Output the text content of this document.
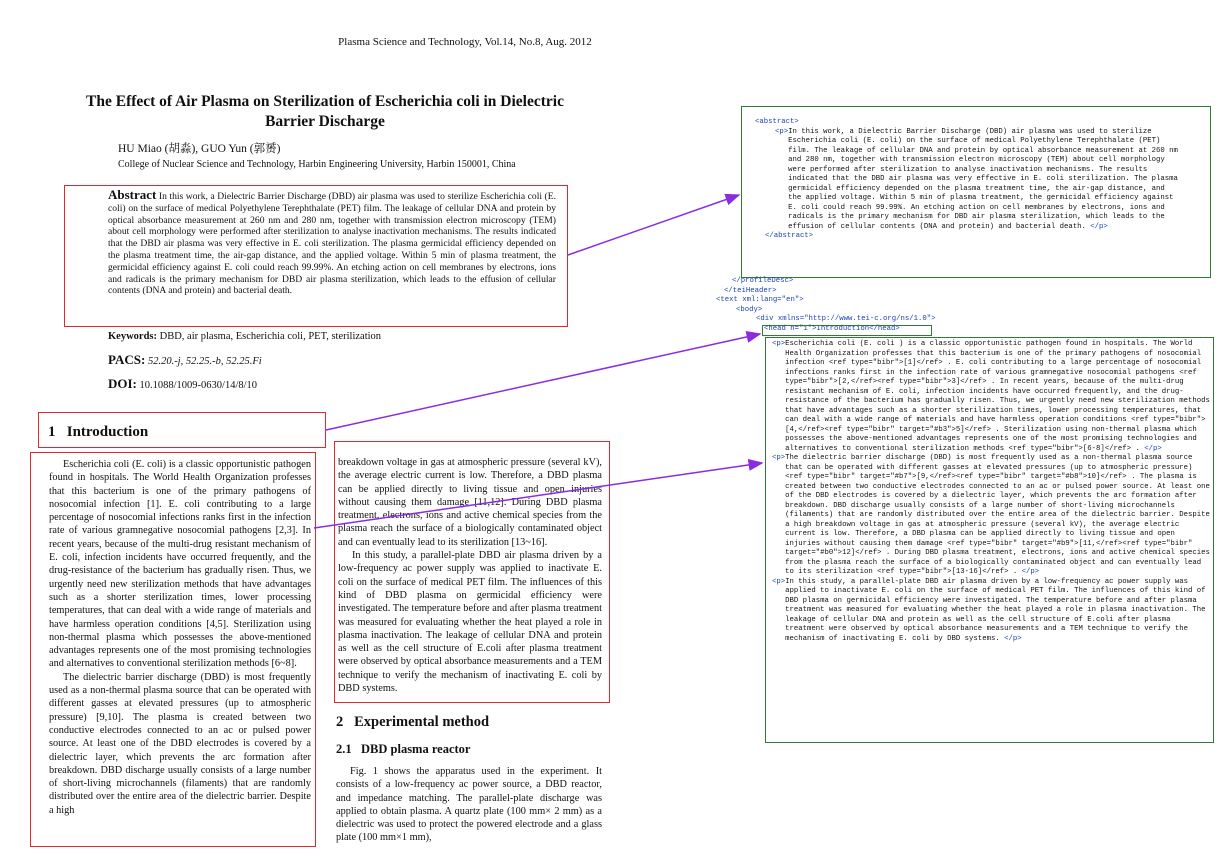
Plasma Science and Technology, Vol.14, No.8, Aug. 2012
The Effect of Air Plasma on Sterilization of Escherichia coli in Dielectric Barrier Discharge
HU Miao (胡淼), GUO Yun (郭赟)
College of Nuclear Science and Technology, Harbin Engineering University, Harbin 150001, China
Abstract In this work, a Dielectric Barrier Discharge (DBD) air plasma was used to sterilize Escherichia coli (E. coli) on the surface of medical Polyethylene Terephthalate (PET) film. The leakage of cellular DNA and protein by optical absorbance measurement at 260 nm and 280 nm, together with transmission electron microscopy (TEM) about cell morphology were performed after sterilization to analyse inactivation mechanisms. The results indicated that the DBD air plasma was very effective in E. coli sterilization. The plasma germicidal efficiency depended on the plasma treatment time, the air-gap distance, and the applied voltage. Within 5 min of plasma treatment, the germicidal efficiency against E. coli could reach 99.99%. An etching action on cell membranes by electrons, ions and radicals is the primary mechanism for DBD air plasma sterilization, which leads to the effusion of cellular contents (DNA and protein) and bacterial death.
Keywords: DBD, air plasma, Escherichia coli, PET, sterilization
PACS: 52.20.-j, 52.25.-b, 52.25.Fi
DOI: 10.1088/1009-0630/14/8/10
1   Introduction

Escherichia coli (E. coli) is a classic opportunistic pathogen found in hospitals. The World Health Organization professes that this bacterium is one of the primary pathogens of nosocomial infection [1]. E. coli contributing to a large percentage of nosocomial infections ranks first in the infection rate of various gramnegative nosocomial pathogens [2,3]. In recent years, because of the multi-drug resistant mechanism of E. coli, infection incidents have occurred frequently, and the drug-resistance of the bacterium has gradually risen. Thus, we urgently need new sterilization methods that have advantages such as a shorter sterilization times, lower processing temperatures, that can deal with a wide range of materials and have harmless operation conditions [4,5]. Sterilization using non-thermal plasma which possesses the above-mentioned advantages represents one of the most promising technologies and alternatives to conventional sterilization methods [6~8].

The dielectric barrier discharge (DBD) is most frequently used as a non-thermal plasma source that can be operated with different gasses at elevated pressures (up to atmospheric pressure) [9,10]. The plasma is created between two conductive electrodes connected to an ac or pulsed power source. At least one of the DBD electrodes is covered by a dielectric layer, which prevents the arc formation after breakdown. DBD discharge usually consists of a large number of short-living microchannels (filaments) that are randomly distributed over the entire area of the dielectric barrier. Despite a high

breakdown voltage in gas at atmospheric pressure (several kV), the average electric current is low. Therefore, a DBD plasma can be applied directly to living tissue and open injuries without causing them damage [11,12]. During DBD plasma treatment, electrons, ions and active chemical species from the plasma reach the surface of a biologically contaminated object and can eventually lead to its sterilization [13~16].

In this study, a parallel-plate DBD air plasma driven by a low-frequency ac power supply was applied to inactivate E. coli on the surface of medical PET film. The influences of this kind of DBD plasma on germicidal efficiency were investigated. The temperature before and after plasma treatment was measured for evaluating whether the heat played a role in plasma inactivation. The leakage of cellular DNA and protein as well as the cell structure of E.coli after plasma treatment were observed by optical absorbance measurements and a TEM technique to verify the mechanism of inactivating E. coli by DBD systems.

2   Experimental method
2.1   DBD plasma reactor

Fig. 1 shows the apparatus used in the experiment. It consists of a low-frequency ac power source, a DBD reactor, and impedance matching. The parallel-plate discharge was applied to obtain plasma. A quartz plate (100 mm× 2 mm) as a dielectric was used to protect the powered electrode and a glass plate (100 mm×1 mm),

<abstract>
<p> In this work, a Dielectric Barrier Discharge (DBD) air plasma was used to sterilize Escherichia coli (E. coli) on the surface of medical Polyethylene Terephthalate (PET) film. The leakage of cellular DNA and protein by optical absorbance measurement at 260 nm and 280 nm, together with transmission electron microscopy (TEM) about cell morphology were performed after sterilization to analyse inactivation mechanisms. The results indicated that the DBD air plasma was very effective in E. coli sterilization. The plasma germicidal efficiency depended on the plasma treatment time, the air-gap distance, and the applied voltage. Within 5 min of plasma treatment, the germicidal efficiency against E. coli could reach 99.99%. An etching action on cell membranes by electrons, ions and radicals is the primary mechanism for DBD air plasma sterilization, which leads to the effusion of cellular contents (DNA and protein) and bacterial death. </p>
</abstract>
</profileDesc>
</teiHeader>
<text xml:lang="en">
<body>
<div xmlns="http://www.tei-c.org/ns/1.0">
<head n="1">Introduction</head>
<p> Escherichia coli (E. coli ) is a classic opportunistic pathogen found in hospitals. The World Health Organization professes that this bacterium is one of the primary pathogens of nosocomial infection <ref type="bibr">[1]</ref> . E. coli contributing to a large percentage of nosocomial infections ranks first in the infection rate of various gramnegative nosocomial pathogens <ref type="bibr">[2,</ref><ref type="bibr">3]</ref> . In recent years, because of the multi-drug resistant mechanism of E. coli, infection incidents have occurred frequently, and the drug-resistance of the bacterium has gradually risen. Thus, we urgently need new sterilization methods that have advantages such as a shorter sterilization times, lower processing temperatures, that can deal with a wide range of materials and have harmless operation conditions <ref type="bibr">[4,</ref><ref type="bibr" target="#b3">5]</ref> . Sterilization using non-thermal plasma which possesses the above-mentioned advantages represents one of the most promising technologies and alternatives to conventional sterilization methods <ref type="bibr">[6-8]</ref> . </p>
<p> The dielectric barrier discharge (DBD) is most frequently used as a non-thermal plasma source that can be operated with different gasses at elevated pressures (up to atmospheric pressure) <ref type="bibr" target="#b7">[9,</ref><ref type="bibr" target="#b8">10]</ref> . The plasma is created between two conductive electrodes connected to an ac or pulsed power source. At least one of the DBD electrodes is covered by a dielectric layer, which prevents the arc formation after breakdown. DBD discharge usually consists of a large number of short-living microchannels (filaments) that are randomly distributed over the entire area of the dielectric barrier. Despite a high breakdown voltage in gas at atmospheric pressure (several kV), the average electric current is low. Therefore, a DBD plasma can be applied directly to living tissue and open injuries without causing them damage <ref type="bibr" target="#b9">[11,</ref><ref type="bibr" target="#b0">12]</ref> . During DBD plasma treatment, electrons, ions and active chemical species from the plasma reach the surface of a biologically contaminated object and can eventually lead to its sterilization <ref type="bibr">[13-16]</ref> . </p>
<p> In this study, a parallel-plate DBD air plasma driven by a low-frequency ac power supply was applied to inactivate E. coli on the surface of medical PET film. The influences of this kind of DBD plasma on germicidal efficiency were investigated. The temperature before and after plasma treatment was measured for evaluating whether the heat played a role in plasma inactivation. The leakage of cellular DNA and protein as well as the cell structure of E.coli after plasma treatment were observed by optical absorbance measurements and a TEM technique to verify the mechanism of inactivating E. coli by DBD systems. </p>
